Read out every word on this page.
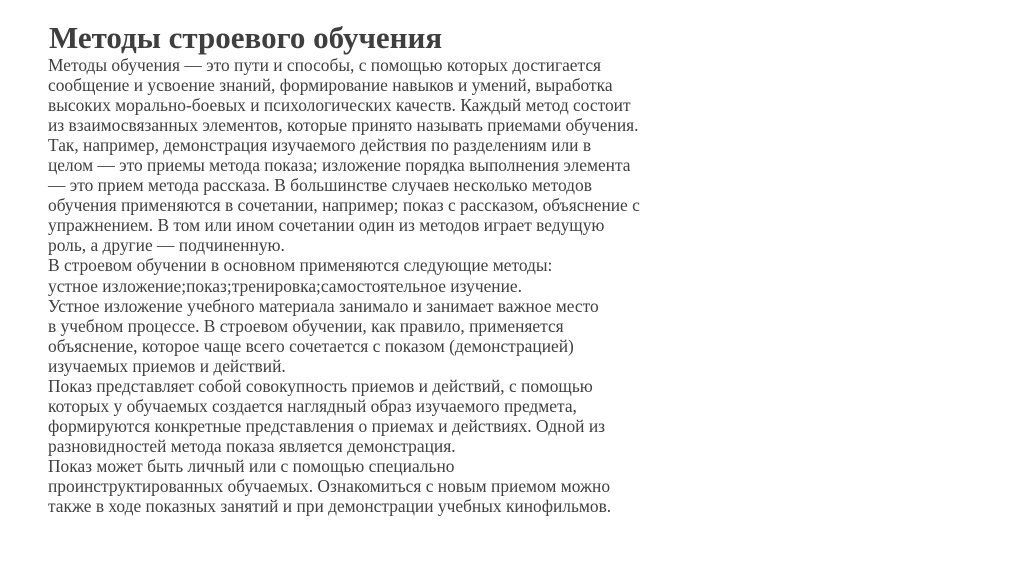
Методы строевого обучения
Методы обучения — это пути и способы, с помощью которых достигается
сообщение и усвоение знаний, формирование навыков и умений, выработка
высоких морально-боевых и психологических качеств. Каждый метод состоит
из взаимосвязанных элементов, которые принято называть приемами обучения.
Так, например, демонстрация изучаемого действия по разделениям или в
целом — это приемы метода показа; изложение порядка выполнения элемента
— это прием метода рассказа. В большинстве случаев несколько методов
обучения применяются в сочетании, например; показ с рассказом, объяснение с
упражнением. В том или ином сочетании один из методов играет ведущую
роль, а другие — подчиненную.
В строевом обучении в основном применяются следующие методы:
устное изложение;показ;тренировка;самостоятельное изучение.
Устное изложение учебного материала занимало и занимает важное место
в учебном процессе. В строевом обучении, как правило, применяется
объяснение, которое чаще всего сочетается с показом (демонстрацией)
изучаемых приемов и действий.
Показ представляет собой совокупность приемов и действий, с помощью
которых у обучаемых создается наглядный образ изучаемого предмета,
формируются конкретные представления о приемах и действиях. Одной из
разновидностей метода показа является демонстрация.
Показ может быть личный или с помощью специально
проинструктированных обучаемых. Ознакомиться с новым приемом можно
также в ходе показных занятий и при демонстрации учебных кинофильмов.
